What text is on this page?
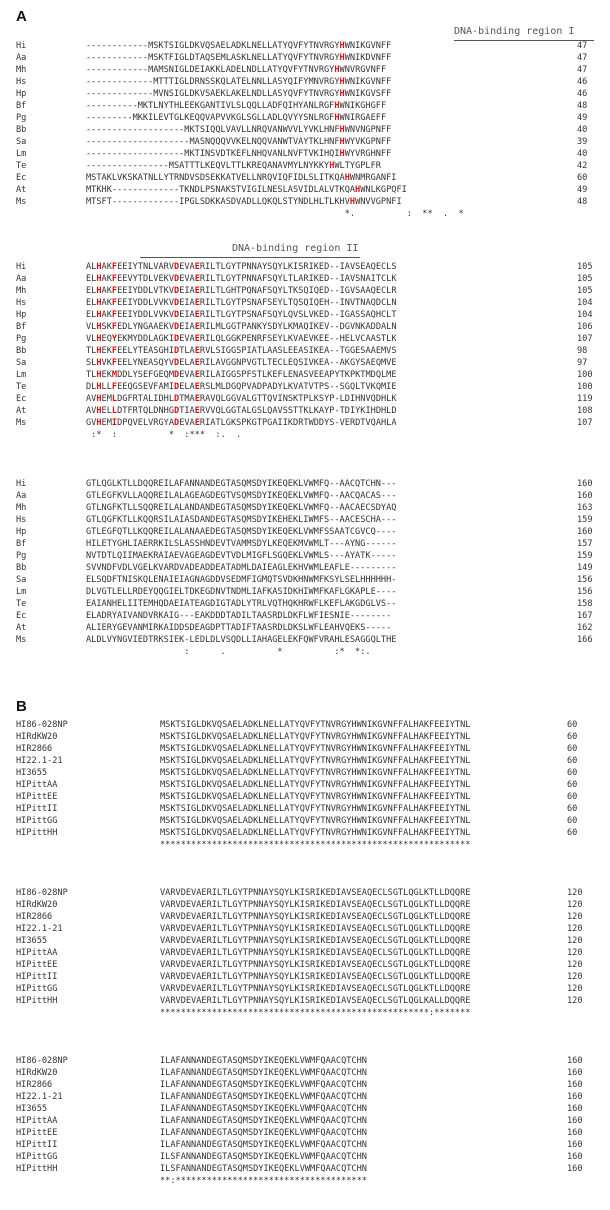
A
DNA-binding region I
DNA-binding region II
B
Hi	------------MSKTSIGLDKVQSAELADKLNELLATYQVFYTNVRGYHWNIKGVNFF	47
Aa	------------MSKTFIGLDTAQSEMLASKLNELLATYQVFYTNVRGYHWNIKDVNFF	47
Mh	------------MAMSNIGLDEIAKKLADELNDLLATYQVFYTNVRGYHWNVRGVNFF	47
Hs	-------------MTTTIGLDRNSSKQLATELNNLLASYQIFYMNVRGYHWNIKGVNFF	46
Hp	-------------MVNSIGLDKVSAEKLAKELNDLLASYQVFYTNVRGYHWNIKGVSFF	46
Bf	----------MKTLNYTHLEEKGANTIVLSLQQLLADFQIHYANLRGFHWNIKGHGFF	48
Pg	---------MKKILEVTGLKEQQVAPVVKGLSGLLADLQVYYSNLRGFHWNIRGAEFF	49
Bb	-------------------MKTSIQQLVAVLLNRQVANWVVLYVKLHNFHWNVNGPNFF	40
Sa	--------------------MASNQQQVVKELNQQVANWTVAYTKLHNFHWYVKGPNFF	39
Lm	-------------------MKTINSVDTKEFLNHQVANLNVFTVKIHQIHWYVRGHNFF	40
Te	----------------MSATTTLKEQVLTTLKREQANAVMYLNYKKYHWLTYGPLFR	42
Ec	MSTAKLVKSKATNLLYTRNDVSDSEKKATVELLNRQVIQFIDLSLITKQAHWNMRGANFI	60
At	MTKHK-------------TKNDLPSNAKSTVIGILNESLASVIDLALVTKQAHWNLKGPQFI	49
Ms	MTSFT-------------IPGLSDKKASDVADLLQKQLSTYNDLHLTLKHVHWNVVGPNFI	48
*.          :  **  .  *
Hi	ALHAKFEEIYTNLVARVDEVAERILTLGYTPNNAYSQYLKISRIKED--IAVSEAQECLS	105
Aa	ELHAKFEEVYTDLVEKVDEVAERILTLGYTPNNAFSQYLTLARIKED--IAVSNAITCLK	105
Mh	ELHAKFEEIYDDLVTKVDEIAERILTLGHTPQNAFSQYLTKSQIQED--IGVSAAQECLR	105
Hs	ELHAKFEEIYDDLVVKVDEIAERILTLGYTPSNAFSEYLTQSQIQEH--INVTNAQDCLN	104
Hp	ELHAKFEEIYDDLVVKVDEIAERILTLGYTPSNAFSQYLQVSLVKED--IGASSAQHCLT	104
Bf	VLHSKFEDLYNGAAEKVDEIAERILMLGGTPANKYSDYLKMAQIKEV--DGVNKADDALN	106
Pg	VLHEQYEKMYDDLAGKIDEVAERILQLGGKPENRFSEYLKVAEVKEE--HELVCAASTLK	107
Bb	TLHEKFEELYTEASGHIDTLAERVLSIGGSPIATLAASLEEASIKEA--TGGESAAEMVS	98
Sa	SLHVKFEELYNEASQYVDELAERILAVGGNPVGTLTECLEQSIVKEA--AKGYSAEQMVE	97
Lm	TLHEKMDDLYSEFGEQMDEVAERILAIGGSPFSTLKEFLENASVEEAPYTKPKTMDQLME	100
Te	DLHLLFEEQGSEVFAMIDELAERSLMLDGQPVADPADYLKVATVTPS--SGQLTVKQMIE	100
Ec	AVHEMLDGFRTALIDHLDTMAERAVQLGGVALGTTQVINSKTPLKSYP-LDIHNVQDHLK	119
At	AVHELLDTFRTQLDNHGDTIAERVVQLGGTALGSLQAVSSTTKLKAYP-TDIYKIHDHLD	108
Ms	GVHEMIDPQVELVRGYADEVAERIATLGKSPKGTPGAIIKDRTWDDYS-VERDTVQAHLA	107
:*  :          *  :***  :.  .
Hi	GTLQGLKTLLDQQREILAFANNANDEGTASQMSDYIKEQEKLVWMFQ--AACQTCHN---	160
Aa	GTLEGFKVLLAQQREILALAGEAGDEGTVSQMSDYIKEQEKLVWMFQ--AACQACAS---	160
Mh	GTLNGFKTLLSQQREILALANDANDEGTASQMSDYIKEQEKLVWMFQ--AACAECSDYAQ	163
Hs	GTLQGFKTLLKQQRSILAIASDANDEGTASQMSDYIKEHEKLIWMFS--AACESCHA---	159
Hp	GTLEGFQTLLKQQREILALANAAEDEGTASQMSDYIKEQEKLVWMFSSAATCGVCQ----	160
Bf	HILETYGHLIAERRKILSLASSHNDEVTVAMMSDYLKEQEKMVWMLT---AYNG------	157
Pg	NVTDTLQIIMAEKRAIAEVAGEAGDEVTVDLMIGFLSGQEKLVWMLS---AYATK-----	159
Bb	SVVNDFVDLVGELKVARDVADEADDEATADMLDAIEAGLEKHVWMLEAFLE---------	149
Sa	ELSQDFTNISKQLENAIEIAGNAGDDVSEDMFIGMQTSVDKHNWMFKSYLSELHHHHHH-	156
Lm	DLVGTLELLRDEYQQGIELTDKEGDNVTNDMLIAFKASIDKHIWMFKAFLGKAPLE----	156
Te	EAIANHELIITEMHQDAEIATEAGDIGTADLYTRLVQTHQKHRWFLKEFLAKGDGLVS--	158
Ec	ELADRYAIVANDVRKAIG---EAKDDDTADILTAASRDLDKFLWFIESNIE--------	167
At	ALIERYGEVANMIRKAIDDSDEAGDPTTADIFTAASRDLDKSLWFLEAHVQEKS-----	162
Ms	ALDLVYNGVIEDTRKSIEK-LEDLDLVSQDLLIAHAGELEKFQWFVRAHLESAGGQLTHE	166
:      .          *          :*  *:.
HI86-028NP	MSKTSIGLDKVQSAELADKLNELLATYQVFYTNVRGYHWNIKGVNFFALHAKFEEIYTNL	60
HIRdKW20	MSKTSIGLDKVQSAELADKLNELLATYQVFYTNVRGYHWNIKGVNFFALHAKFEEIYTNL	60
HIR2866	MSKTSIGLDKVQSAELADKLNELLATYQVFYTNVRGYHWNIKGVNFFALHAKFEEIYTNL	60
HI22.1-21	MSKTSIGLDKVQSAELADKLNELLATYQVFYTNVRGYHWNIKGVNFFALHAKFEEIYTNL	60
HI3655	MSKTSIGLDKVQSAELADKLNELLATYQVFYTNVRGYHWNIKGVNFFALHAKFEEIYTNL	60
HIPittAA	MSKTSIGLDKVQSAELADKLNELLATYQVFYTNVRGYHWNIKGVNFFALHAKFEEIYTNL	60
HIPittEE	MSKTSIGLDKVQSAELADKLNELLATYQVFYTNVRGYHWNIKGVNFFALHAKFEEIYTNL	60
HIPittII	MSKTSIGLDKVQSAELADKLNELLATYQVFYTNVRGYHWNIKGVNFFALHAKFEEIYTNL	60
HIPittGG	MSKTSIGLDKVQSAELADKLNELLATYQVFYTNVRGYHWNIKGVNFFALHAKFEEIYTNL	60
HIPittHH	MSKTSIGLDKVQSAELADKLNELLATYQVFYTNVRGYHWNIKGVNFFALHAKFEEIYTNL	60
************************************************************
HI86-028NP	VARVDEVAERILTLGYTPNNAYSQYLKISRIKEDIAVSEAQECLSGTLQGLKTLLDQQRE	120
HIRdKW20	VARVDEVAERILTLGYTPNNAYSQYLKISRIKEDIAVSEAQECLSGTLQGLKTLLDQQRE	120
HIR2866	VARVDEVAERILTLGYTPNNAYSQYLKISRIKEDIAVSEAQECLSGTLQGLKTLLDQQRE	120
HI22.1-21	VARVDEVAERILTLGYTPNNAYSQYLKISRIKEDIAVSEAQECLSGTLQGLKTLLDQQRE	120
HI3655	VARVDEVAERILTLGYTPNNAYSQYLKISRIKEDIAVSEAQECLSGTLQGLKTLLDQQRE	120
HIPittAA	VARVDEVAERILTLGYTPNNAYSQYLKISRIKEDIAVSEAQECLSGTLQGLKTLLDQQRE	120
HIPittEE	VARVDEVAERILTLGYTPNNAYSQYLKISRIKEDIAVSEAQECLSGTLQGLKTLLDQQRE	120
HIPittII	VARVDEVAERILTLGYTPNNAYSQYLKISRIKEDIAVSEAQECLSGTLQGLKTLLDQQRE	120
HIPittGG	VARVDEVAERILTLGYTPNNAYSQYLKISRIKEDIAVSEAQECLSGTLQGLKTLLDQQRE	120
HIPittHH	VARVDEVAERILTLGYTPNNAYSQYLKISRIKEDIAVSEAQECLSGTLQGLKALLDQQRE	120
****************************************************:*******
HI86-028NP	ILAFANNANDEGTASQMSDYIKEQEKLVWMFQAACQTCHN	160
HIRdKW20	ILAFANNANDEGTASQMSDYIKEQEKLVWMFQAACQTCHN	160
HIR2866	ILAFANNANDEGTASQMSDYIKEQEKLVWMFQAACQTCHN	160
HI22.1-21	ILAFANNANDEGTASQMSDYIKEQEKLVWMFQAACQTCHN	160
HI3655	ILAFANNANDEGTASQMSDYIKEQEKLVWMFQAACQTCHN	160
HIPittAA	ILAFANNANDEGTASQMSDYIKEQEKLVWMFQAACQTCHN	160
HIPittEE	ILAFANNANDEGTASQMSDYIKEQEKLVWMFQAACQTCHN	160
HIPittII	ILAFANNANDEGTASQMSDYIKEQEKLVWMFQAACQTCHN	160
HIPittGG	ILSFANNANDEGTASQMSDYIKEQEKLVWMFQAACQTCHN	160
HIPittHH	ILSFANNANDEGTASQMSDYIKEQEKLVWMFQAACQTCHN	160
**:*************************************
